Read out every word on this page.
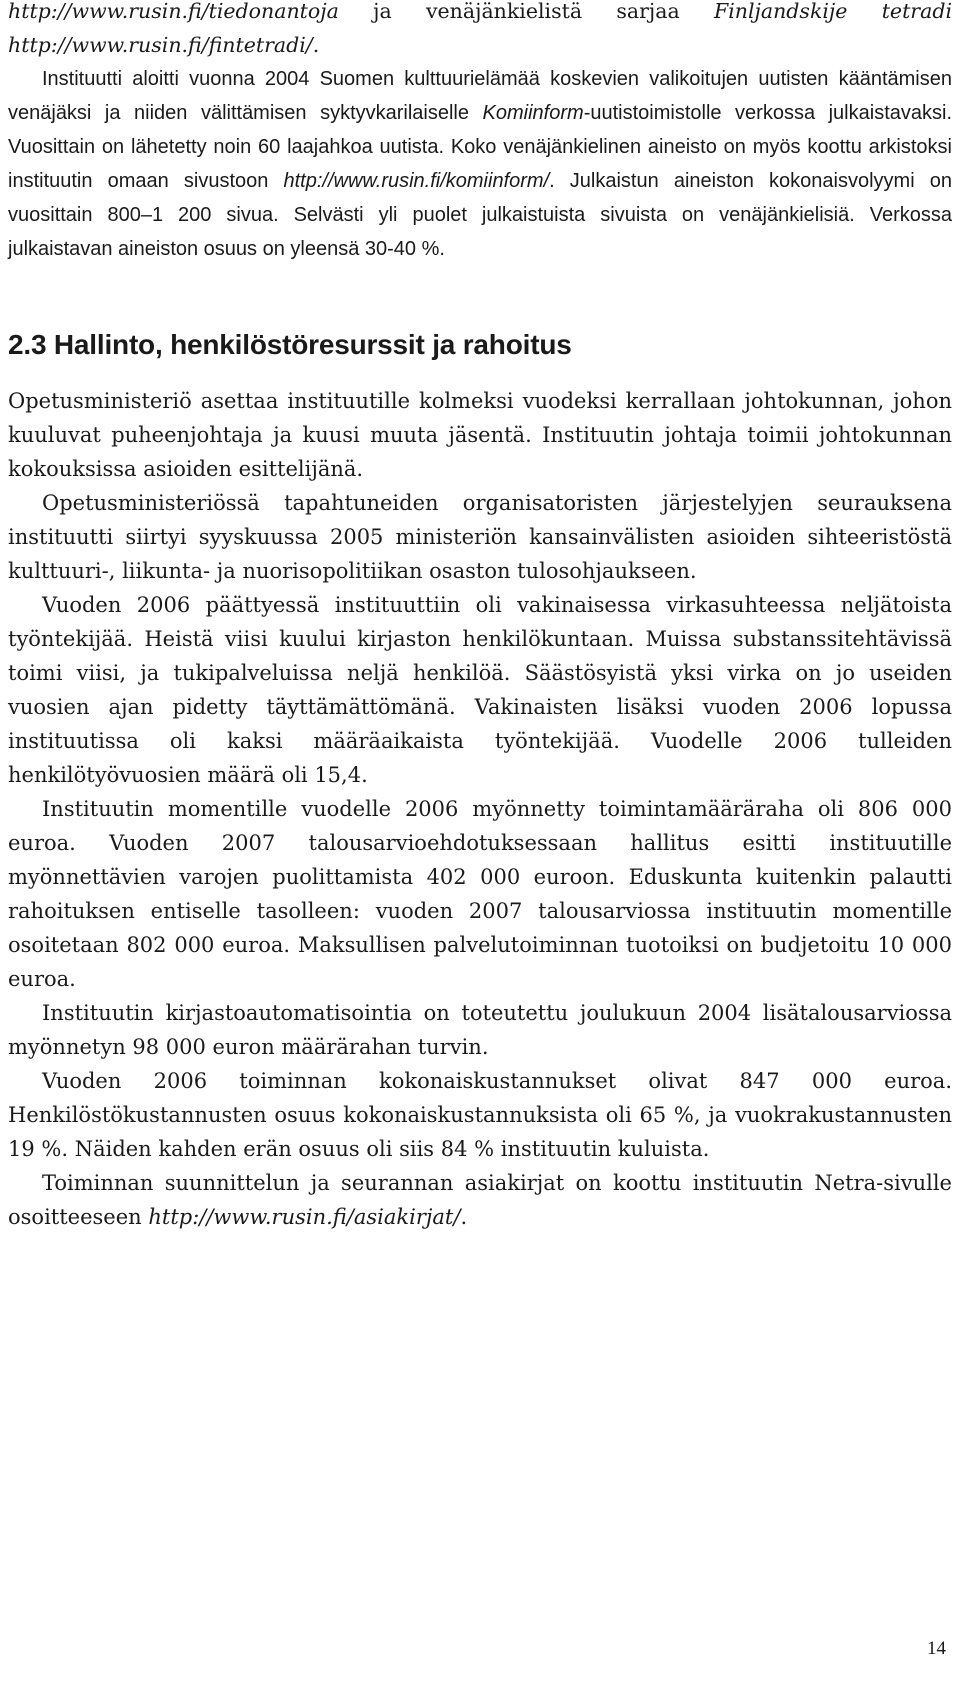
http://www.rusin.fi/tiedonantoja ja venäjänkielistä sarjaa Finljandskije tetradi http://www.rusin.fi/fintetradi/.

Instituutti aloitti vuonna 2004 Suomen kulttuurielämää koskevien valikoitujen uutisten kääntämisen venäjäksi ja niiden välittämisen syktyvkarilaiselle Komiinform-uutistoimistolle verkossa julkaistavaksi. Vuosittain on lähetetty noin 60 laajahkoa uutista. Koko venäjänkielinen aineisto on myös koottu arkistoksi instituutin omaan sivustoon http://www.rusin.fi/komiinform/. Julkaistun aineiston kokonaisvolyymi on vuosittain 800–1 200 sivua. Selvästi yli puolet julkaistuista sivuista on venäjänkielisiä. Verkossa julkaistavan aineiston osuus on yleensä 30-40 %.

2.3 Hallinto, henkilöstöresurssit ja rahoitus

Opetusministeriö asettaa instituutille kolmeksi vuodeksi kerrallaan johtokunnan, johon kuuluvat puheenjohtaja ja kuusi muuta jäsentä. Instituutin johtaja toimii johtokunnan kokouksissa asioiden esittelijänä.

Opetusministeriössä tapahtuneiden organisatoristen järjestelyjen seurauksena instituutti siirtyi syyskuussa 2005 ministeriön kansainvälisten asioiden sihteeristöstä kulttuuri-, liikunta- ja nuorisopolitiikan osaston tulosohjaukseen.

Vuoden 2006 päättyessä instituuttiin oli vakinaisessa virkasuhteessa neljätoista työntekijää. Heistä viisi kuului kirjaston henkilökuntaan. Muissa substanssitehtävissä toimi viisi, ja tukipalveluissa neljä henkilöä. Säästösyistä yksi virka on jo useiden vuosien ajan pidetty täyttämättömänä. Vakinaisten lisäksi vuoden 2006 lopussa instituutissa oli kaksi määräaikaista työntekijää. Vuodelle 2006 tulleiden henkilötyövuosien määrä oli 15,4.

Instituutin momentille vuodelle 2006 myönnetty toimintamääräraha oli 806 000 euroa. Vuoden 2007 talousarvioehdotuksessaan hallitus esitti instituutille myönnettävien varojen puolittamista 402 000 euroon. Eduskunta kuitenkin palautti rahoituksen entiselle tasolleen: vuoden 2007 talousarviossa instituutin momentille osoitetaan 802 000 euroa. Maksullisen palvelutoiminnan tuotoiksi on budjetoitu 10 000 euroa.

Instituutin kirjastoautomatisointia on toteutettu joulukuun 2004 lisätalousarviossa myönnetyn 98 000 euron määrärahan turvin.

Vuoden 2006 toiminnan kokonaiskustannukset olivat 847 000 euroa. Henkilöstökustannusten osuus kokonaiskustannuksista oli 65 %, ja vuokrakustannusten 19 %. Näiden kahden erän osuus oli siis 84 % instituutin kuluista.

Toiminnan suunnittelun ja seurannan asiakirjat on koottu instituutin Netra-sivulle osoitteeseen http://www.rusin.fi/asiakirjat/.

14
